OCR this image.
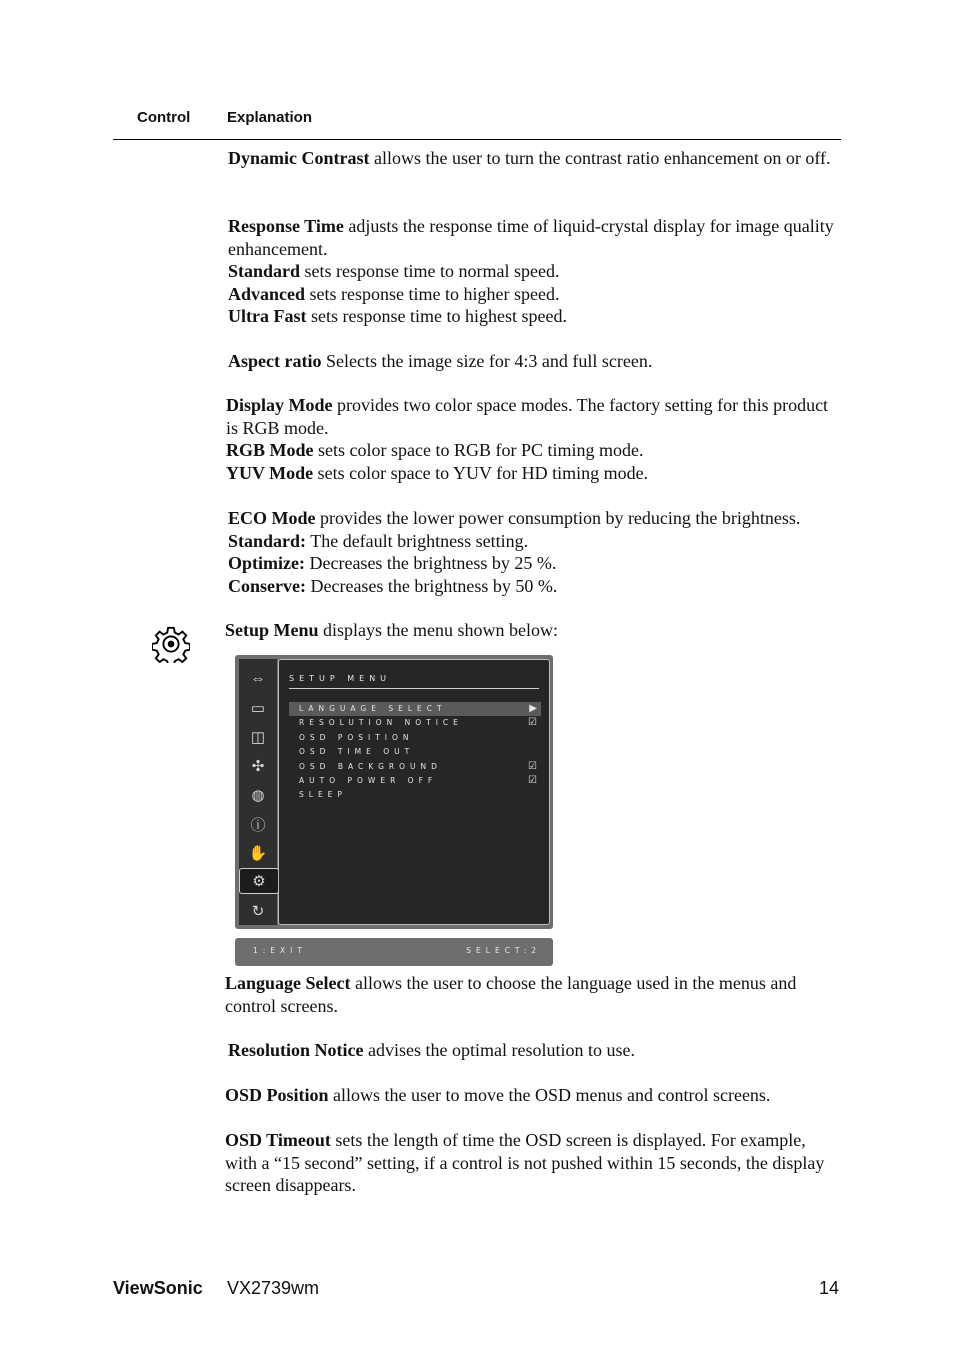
Control Explanation

Dynamic Contrast allows the user to turn the contrast ratio enhancement on or off.

Response Time adjusts the response time of liquid-crystal display for image quality enhancement.
Standard sets response time to normal speed.
Advanced sets response time to higher speed.
Ultra Fast sets response time to highest speed.

Aspect ratio Selects the image size for 4:3 and full screen.

Display Mode provides two color space modes. The factory setting for this product is RGB mode.
RGB Mode sets color space to RGB for PC timing mode.
YUV Mode sets color space to YUV for HD timing mode.

ECO Mode provides the lower power consumption by reducing the brightness.
Standard: The default brightness setting.
Optimize: Decreases the brightness by 25 %.
Conserve: Decreases the brightness by 50 %.

Setup Menu displays the menu shown below:

⇔
▭
◫
✣
◍
ⓘ
✋
⚙
↻
SETUP MENU
LANGUAGE SELECT	▶
RESOLUTION NOTICE	☑
OSD POSITION
OSD TIME OUT
OSD BACKGROUND	☑
AUTO POWER OFF	☑
SLEEP
1:EXIT	SELECT:2

Language Select allows the user to choose the language used in the menus and control screens.

Resolution Notice advises the optimal resolution to use.

OSD Position allows the user to move the OSD menus and control screens.

OSD Timeout sets the length of time the OSD screen is displayed. For example, with a “15 second” setting, if a control is not pushed within 15 seconds, the display screen disappears.

ViewSonic VX2739wm	14
